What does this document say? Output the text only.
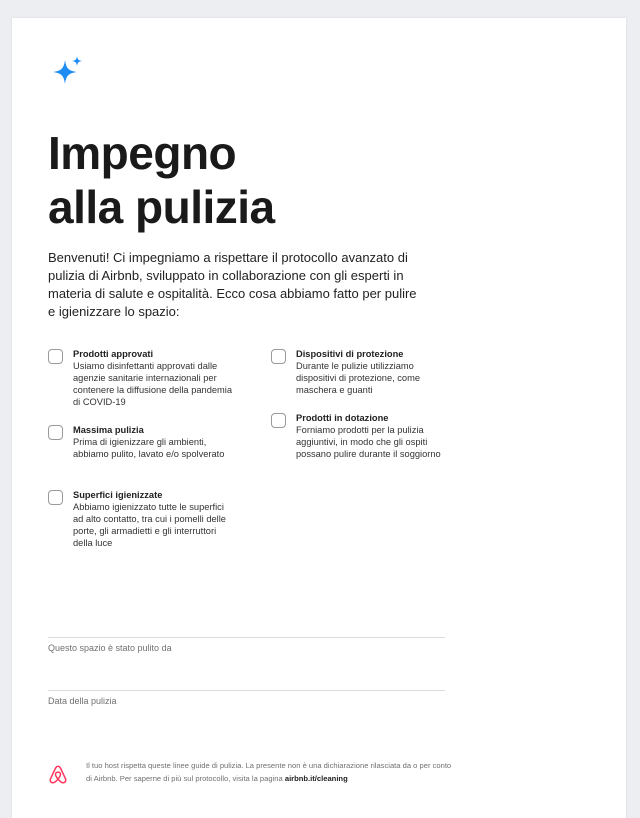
Impegno
alla pulizia

Benvenuti! Ci impegniamo a rispettare il protocollo avanzato di pulizia di Airbnb, sviluppato in collaborazione con gli esperti in materia di salute e ospitalità. Ecco cosa abbiamo fatto per pulire e igienizzare lo spazio:

Prodotti approvati
Usiamo disinfettanti approvati dalle agenzie sanitarie internazionali per contenere la diffusione della pandemia di COVID-19
Massima pulizia
Prima di igienizzare gli ambienti, abbiamo pulito, lavato e/o spolverato
Superfici igienizzate
Abbiamo igienizzato tutte le superfici ad alto contatto, tra cui i pomelli delle porte, gli armadietti e gli interruttori della luce
Dispositivi di protezione
Durante le pulizie utilizziamo dispositivi di protezione, come maschera e guanti
Prodotti in dotazione
Forniamo prodotti per la pulizia aggiuntivi, in modo che gli ospiti possano pulire durante il soggiorno
Questo spazio è stato pulito da
Data della pulizia

Il tuo host rispetta queste linee guide di pulizia. La presente non è una dichiarazione rilasciata da o per conto di Airbnb. Per saperne di più sul protocollo, visita la pagina airbnb.it/cleaning
